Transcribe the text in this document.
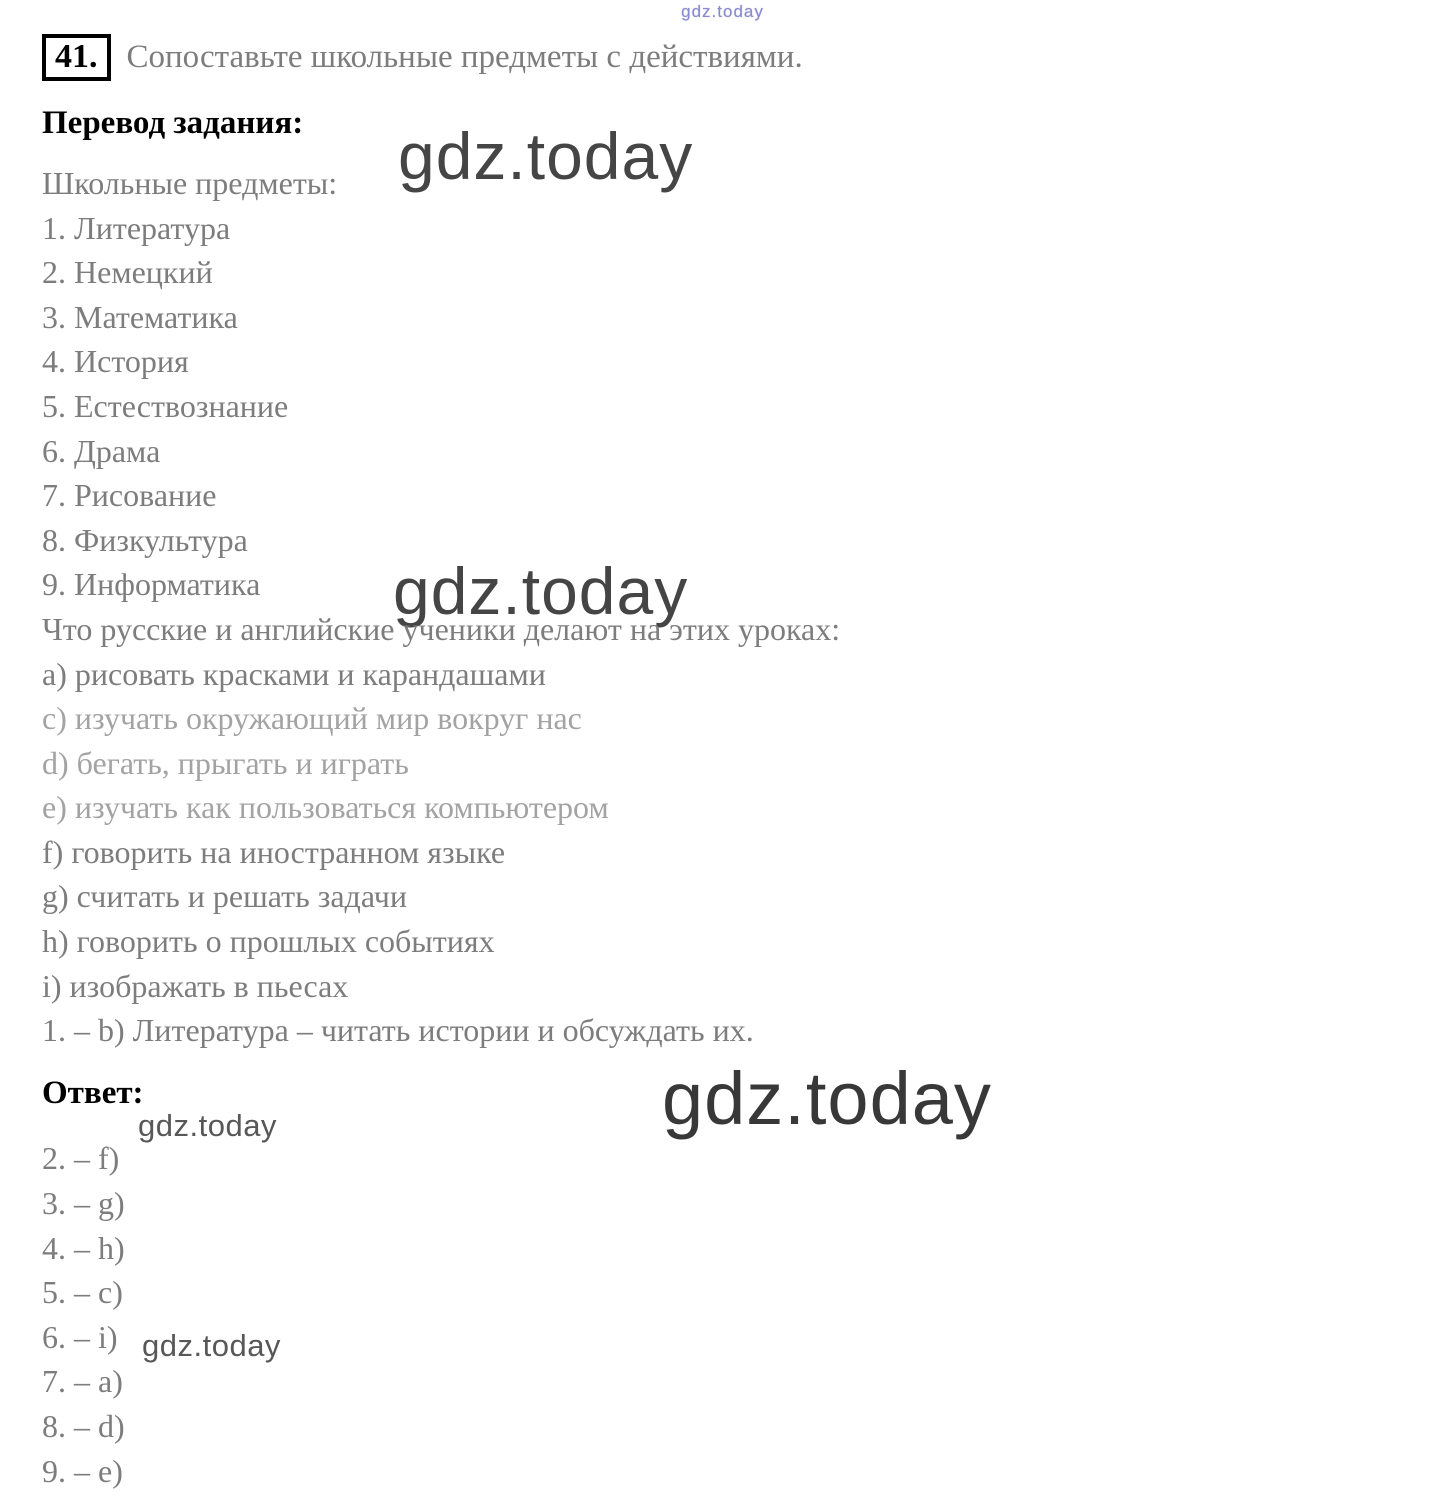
gdz.today
gdz.today
gdz.today
gdz.today
gdz.today
gdz.today
41. Сопоставьте школьные предметы с действиями.
Перевод задания:
Школьные предметы:
1. Литература
2. Немецкий
3. Математика
4. История
5. Естествознание
6. Драма
7. Рисование
8. Физкультура
9. Информатика
Что русские и английские ученики делают на этих уроках:
a) рисовать красками и карандашами
c) изучать окружающий мир вокруг нас
d) бегать, прыгать и играть
e) изучать как пользоваться компьютером
f) говорить на иностранном языке
g) считать и решать задачи
h) говорить о прошлых событиях
i) изображать в пьесах
1. – b) Литература – читать истории и обсуждать их.
Ответ:
2. – f)
3. – g)
4. – h)
5. – c)
6. – i)
7. – a)
8. – d)
9. – e)
